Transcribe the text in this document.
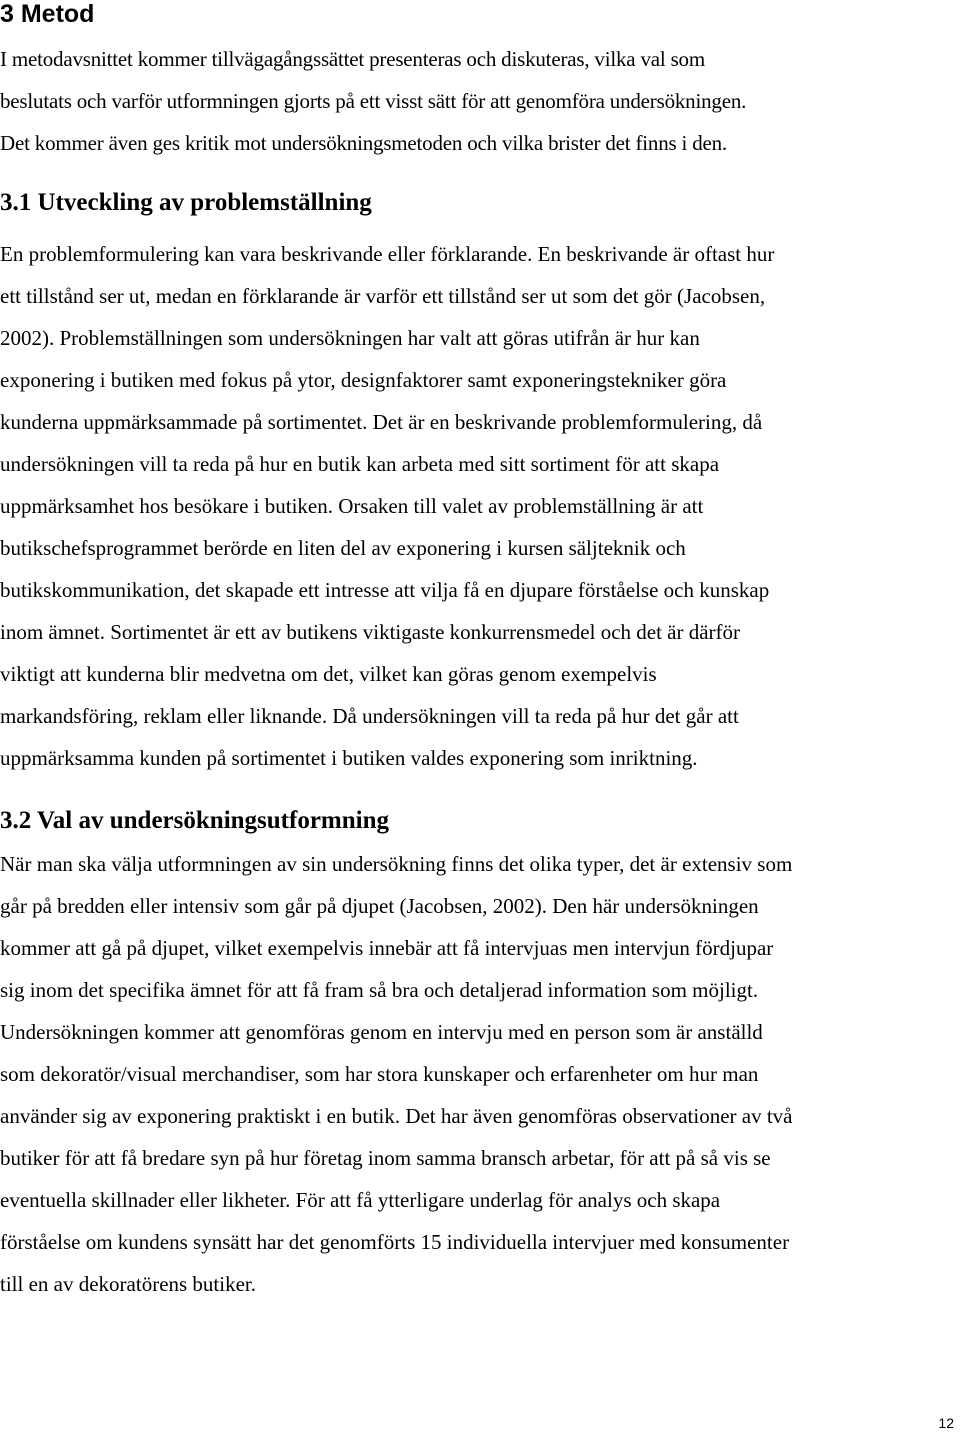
3 Metod
I metodavsnittet kommer tillvägagångssättet presenteras och diskuteras, vilka val som
beslutats och varför utformningen gjorts på ett visst sätt för att genomföra undersökningen.
Det kommer även ges kritik mot undersökningsmetoden och vilka brister det finns i den.
3.1 Utveckling av problemställning
En problemformulering kan vara beskrivande eller förklarande. En beskrivande är oftast hur
ett tillstånd ser ut, medan en förklarande är varför ett tillstånd ser ut som det gör (Jacobsen,
2002). Problemställningen som undersökningen har valt att göras utifrån är hur kan
exponering i butiken med fokus på ytor, designfaktorer samt exponeringstekniker göra
kunderna uppmärksammade på sortimentet. Det är en beskrivande problemformulering, då
undersökningen vill ta reda på hur en butik kan arbeta med sitt sortiment för att skapa
uppmärksamhet hos besökare i butiken. Orsaken till valet av problemställning är att
butikschefsprogrammet berörde en liten del av exponering i kursen säljteknik och
butikskommunikation, det skapade ett intresse att vilja få en djupare förståelse och kunskap
inom ämnet. Sortimentet är ett av butikens viktigaste konkurrensmedel och det är därför
viktigt att kunderna blir medvetna om det, vilket kan göras genom exempelvis
markandsföring, reklam eller liknande. Då undersökningen vill ta reda på hur det går att
uppmärksamma kunden på sortimentet i butiken valdes exponering som inriktning.
3.2 Val av undersökningsutformning
När man ska välja utformningen av sin undersökning finns det olika typer, det är extensiv som
går på bredden eller intensiv som går på djupet (Jacobsen, 2002). Den här undersökningen
kommer att gå på djupet, vilket exempelvis innebär att få intervjuas men intervjun fördjupar
sig inom det specifika ämnet för att få fram så bra och detaljerad information som möjligt.
Undersökningen kommer att genomföras genom en intervju med en person som är anställd
som dekoratör/visual merchandiser, som har stora kunskaper och erfarenheter om hur man
använder sig av exponering praktiskt i en butik. Det har även genomföras observationer av två
butiker för att få bredare syn på hur företag inom samma bransch arbetar, för att på så vis se
eventuella skillnader eller likheter. För att få ytterligare underlag för analys och skapa
förståelse om kundens synsätt har det genomförts 15 individuella intervjuer med konsumenter
till en av dekoratörens butiker.
12
